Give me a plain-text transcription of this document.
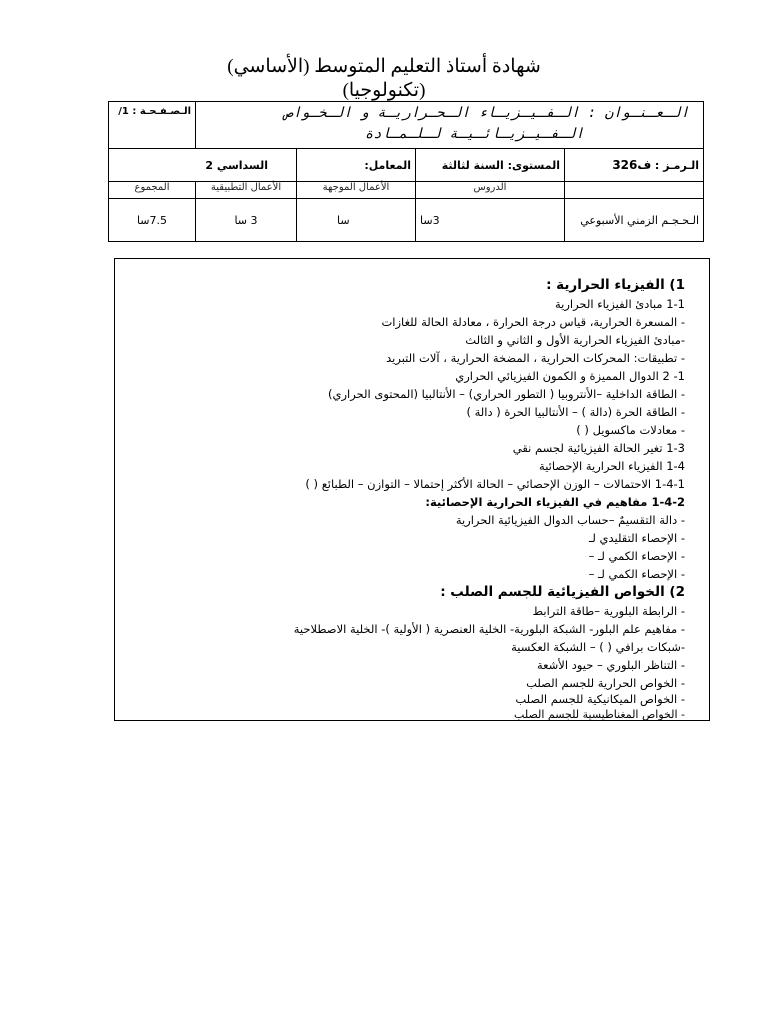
شهادة أستاذ التعليم المتوسط (الأساسي)
(تكنولوجيا)
الـعـنـوان : الـفـيـزيـاء الـحـراريـة و الـخـواص
الـفـيـزيـائـيـة لـلـمـادة				الـصـفـحـة : 1/
الـرمـز : ف326	المستوى: السنة لثالثة	المعامل:	السداسي 2	
	الدروس	الأعمال الموجهة	الأعمال التطبيقية	المجموع
الـحـجـم الزمني الأسبوعي	3سا	سا	3 سا	7.5سا
1) الفيزياء الحرارية :
1-1 مبادئ الفيزياء الحرارية
- المسعرة الحرارية، قياس درجة الحرارة ، معادلة الحالة للغازات
-مبادئ الفيزياء الحرارية الأول و الثاني و الثالث
- تطبيقات: المحركات الحرارية ، المضخة الحرارية ، آلات التبريد
1- 2 الدوال المميزة و الكمون الفيزيائي الحراري
- الطاقة الداخلية –الأنتروبيا ( التطور الحراري) – الأنتالبيا (المحتوى الحراري)
- الطاقة الحرة (دالة ) – الأنتالبيا الحرة ( دالة )
- معادلات ماكسويل ( )
1-3 تغير الحالة الفيزيائية لجسم نقي
1-4 الفيزياء الحرارية الإحصائية
1-4-1 الاحتمالات – الوزن الإحصائي – الحالة الأكثر إحتمالا – التوازن – الطبائع ( )
1-4-2 مفاهيم في الفيزياء الحرارية الإحصائية:
- دالة التقسيمٌ –حساب الدوال الفيزيائية الحرارية
- الإحصاء التقليدي لـ
- الإحصاء الكمي لـ –
- الإحصاء الكمي لـ –
2) الخواص الفيزيائية للجسم الصلب :
- الرابطة البلورية –طاقة الترابط
- مفاهيم علم البلور- الشبكة البلورية- الخلية العنصرية ( الأولية )- الخلية الاصطلاحية
-شبكات برافي ( ) – الشبكة العكسية
- التناظر البلوري – حيود الأشعة
- الخواص الحرارية للجسم الصلب
- الخواص الميكانيكية للجسم الصلب
- الخواص المغناطيسية للجسم الصلب
